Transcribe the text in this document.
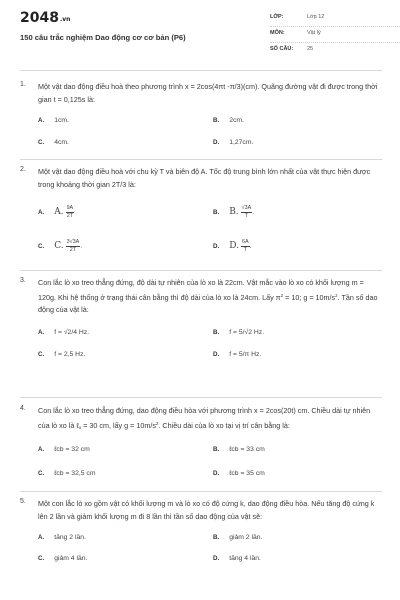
2048.vn
150 câu trắc nghiệm Dao động cơ cơ bản (P6)
LỚP:	Lớp 12
MÔN:	Vật lý
SỐ CÂU:	25
1. Một vật dao động điều hoà theo phương trình x = 2cos(4πt -π/3)(cm). Quãng đường vật đi được trong thời gian t = 0,125s là:
A. 1cm.	B. 2cm.
C. 4cm.	D. 1,27cm.
2. Một vật dao động điều hoà với chu kỳ T và biên độ A. Tốc độ trung bình lớn nhất của vật thực hiện được trong khoảng thời gian 2T/3 là:
A. A. $\frac{9A}{2T}$	B. B. $\frac{√3A}{T}$ .
C. C. $\frac{3√3A}{2T}$ .	D. D. $\frac{6A}{T}$ .
3. Con lắc lò xo treo thẳng đứng, độ dài tự nhiên của lò xo là 22cm. Vật mắc vào lò xo có khối lượng m = 120g. Khi hệ thống ở trạng thái cân bằng thì độ dài của lò xo là 24cm. Lấy $\pi^2 = 10$; $g = 10m/s^2$. Tần số dao động của vật là:
A. f = √2/4 Hz.	B. f = 5/√2 Hz.
C. f = 2,5 Hz.	D. f = 5/π Hz.
4. Con lắc lò xo treo thẳng đứng, dao động điều hòa với phương trình x = 2cos(20t) cm. Chiều dài tự nhiên của lò xo là ℓo = 30 cm, lấy $g = 10m/s^2$. Chiều dài của lò xo tại vị trí cân bằng là:
A. ℓcb = 32 cm	B. ℓcb = 33 cm
C. ℓcb = 32,5 cm	D. ℓcb = 35 cm
5. Một con lắc lò xo gồm vật có khối lượng m và lò xo có độ cứng k, dao động điều hòa. Nếu tăng độ cứng k lên 2 lần và giảm khối lượng m đi 8 lần thì tần số dao động của vật sẽ:
A. tăng 2 lần.	B. giảm 2 lần.
C. giảm 4 lần.	D. tăng 4 lần.
